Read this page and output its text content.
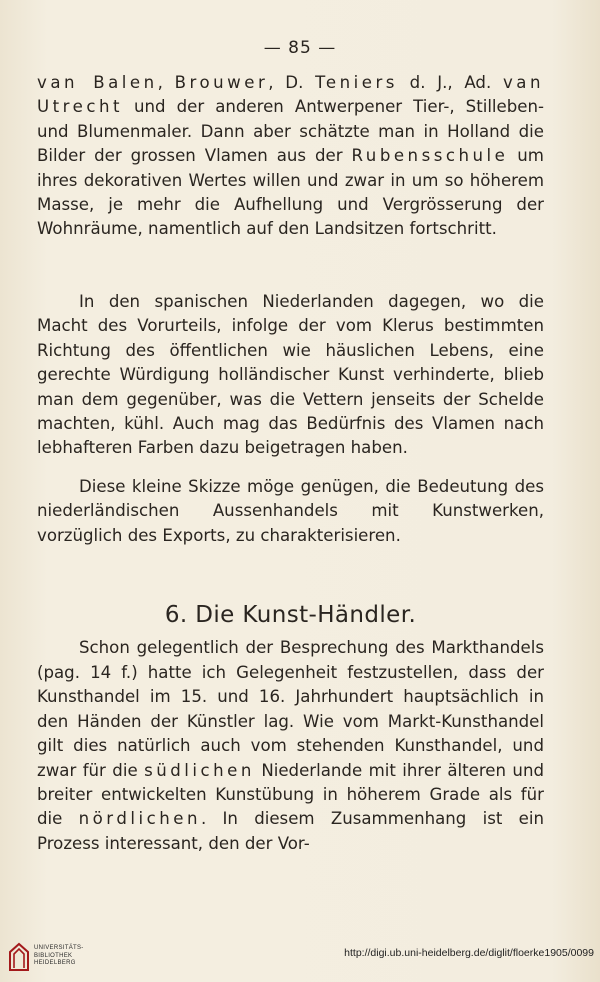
— 85 —

van Balen, Brouwer, D. Teniers d. J., Ad. van Utrecht und der anderen Antwerpener Tier-, Stilleben- und Blumenmaler. Dann aber schätzte man in Holland die Bilder der grossen Vlamen aus der Rubensschule um ihres dekorativen Wertes willen und zwar in um so höherem Masse, je mehr die Aufhellung und Vergrösserung der Wohnräume, namentlich auf den Landsitzen fortschritt.

In den spanischen Niederlanden dagegen, wo die Macht des Vorurteils, infolge der vom Klerus bestimmten Richtung des öffentlichen wie häuslichen Lebens, eine gerechte Würdigung holländischer Kunst verhinderte, blieb man dem gegenüber, was die Vettern jenseits der Schelde machten, kühl. Auch mag das Bedürfnis des Vlamen nach lebhafteren Farben dazu beigetragen haben.

Diese kleine Skizze möge genügen, die Bedeutung des niederländischen Aussenhandels mit Kunstwerken, vorzüglich des Exports, zu charakterisieren.

6. Die Kunst-Händler.

Schon gelegentlich der Besprechung des Markthandels (pag. 14 f.) hatte ich Gelegenheit festzustellen, dass der Kunsthandel im 15. und 16. Jahrhundert hauptsächlich in den Händen der Künstler lag. Wie vom Markt-Kunsthandel gilt dies natürlich auch vom stehenden Kunsthandel, und zwar für die südlichen Niederlande mit ihrer älteren und breiter entwickelten Kunstübung in höherem Grade als für die nördlichen. In diesem Zusammenhang ist ein Prozess interessant, den der Vor-

UNIVERSITÄTS-
BIBLIOTHEK
HEIDELBERG
http://digi.ub.uni-heidelberg.de/diglit/floerke1905/0099
